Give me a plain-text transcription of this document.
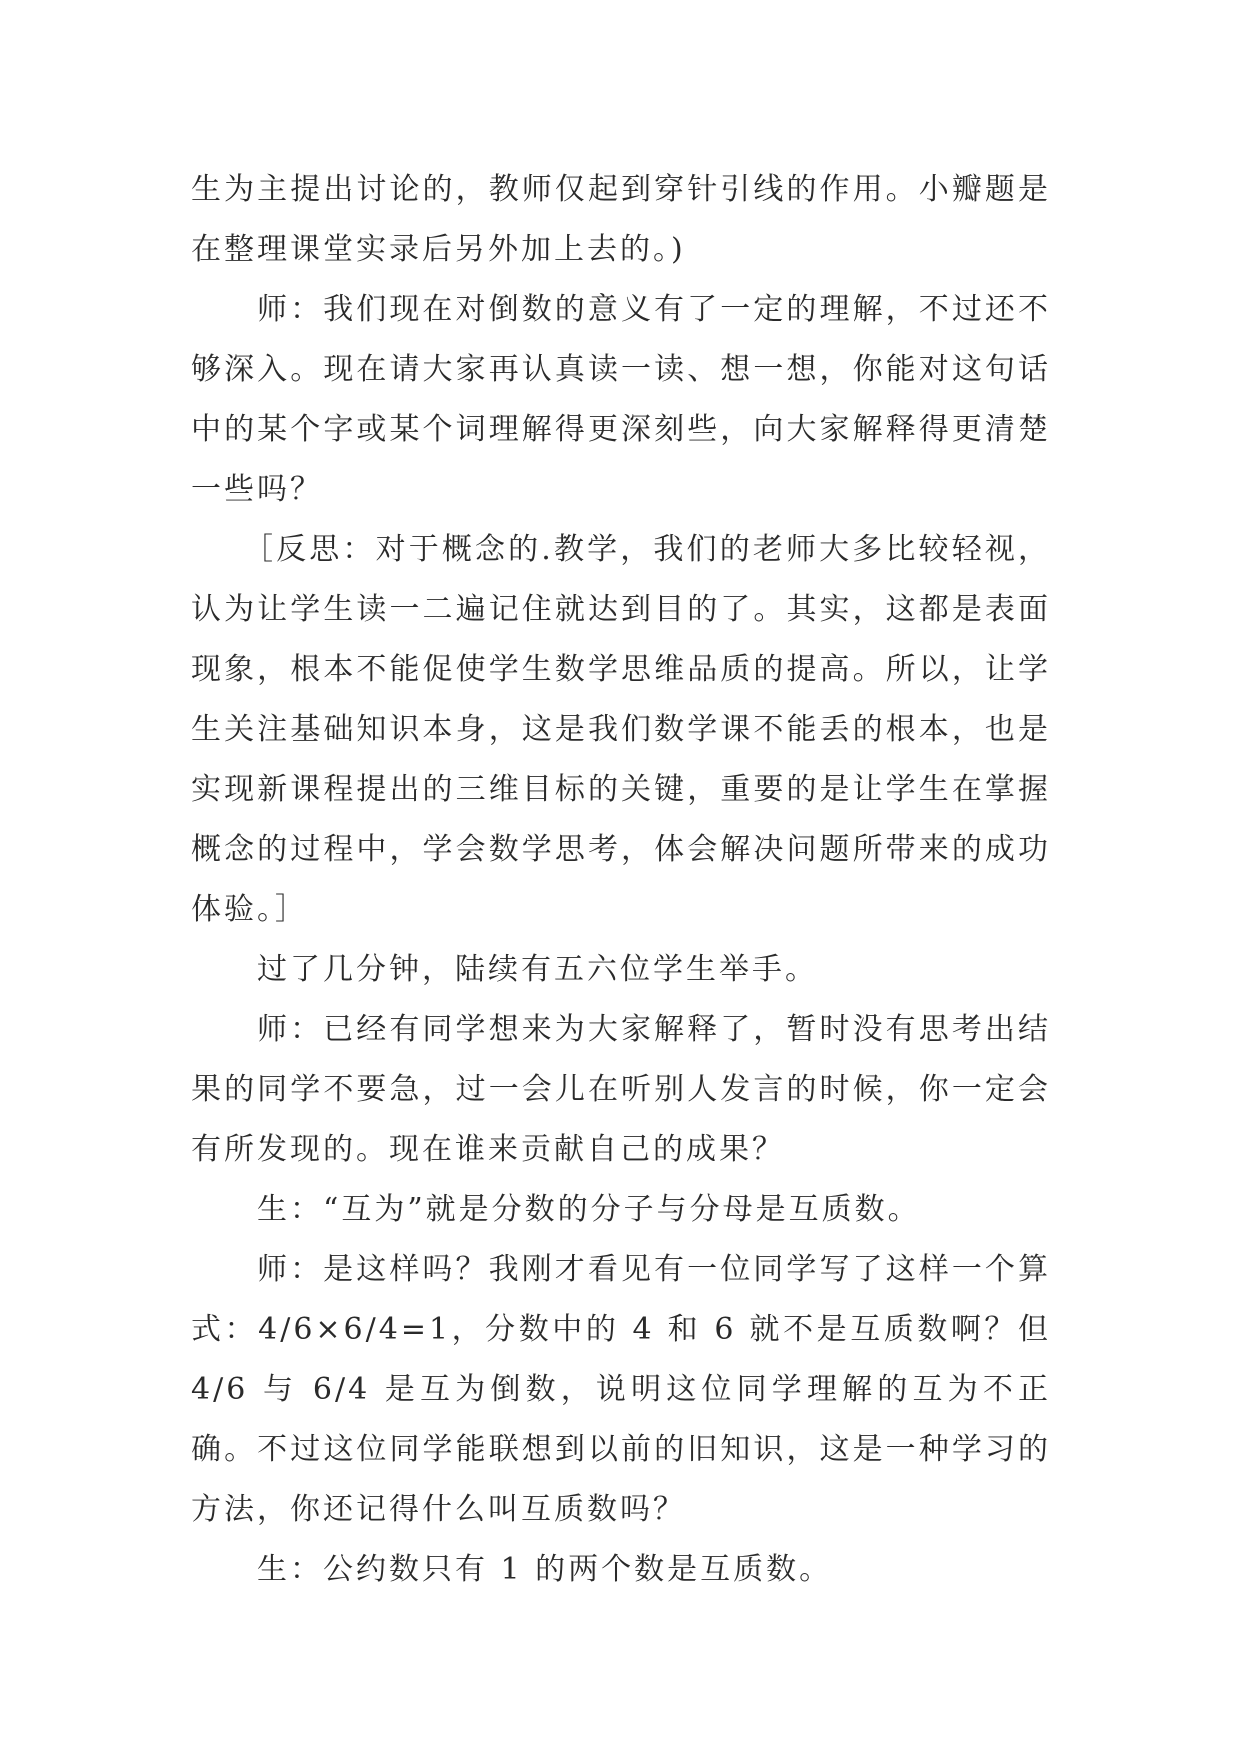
生为主提出讨论的，教师仅起到穿针引线的作用。小瓣题是在整理课堂实录后另外加上去的。)

师：我们现在对倒数的意义有了一定的理解，不过还不够深入。现在请大家再认真读一读、想一想，你能对这句话中的某个字或某个词理解得更深刻些，向大家解释得更清楚一些吗？

［反思：对于概念的.教学，我们的老师大多比较轻视，认为让学生读一二遍记住就达到目的了。其实，这都是表面现象，根本不能促使学生数学思维品质的提高。所以，让学生关注基础知识本身，这是我们数学课不能丢的根本，也是实现新课程提出的三维目标的关键，重要的是让学生在掌握概念的过程中，学会数学思考，体会解决问题所带来的成功体验。］

过了几分钟，陆续有五六位学生举手。

师：已经有同学想来为大家解释了，暂时没有思考出结果的同学不要急，过一会儿在听别人发言的时候，你一定会有所发现的。现在谁来贡献自己的成果？

生：“互为”就是分数的分子与分母是互质数。

师：是这样吗？我刚才看见有一位同学写了这样一个算式：4/6×6/4=1，分数中的 4 和 6 就不是互质数啊？但 4/6 与 6/4 是互为倒数，说明这位同学理解的互为不正确。不过这位同学能联想到以前的旧知识，这是一种学习的方法，你还记得什么叫互质数吗？

生：公约数只有 1 的两个数是互质数。
